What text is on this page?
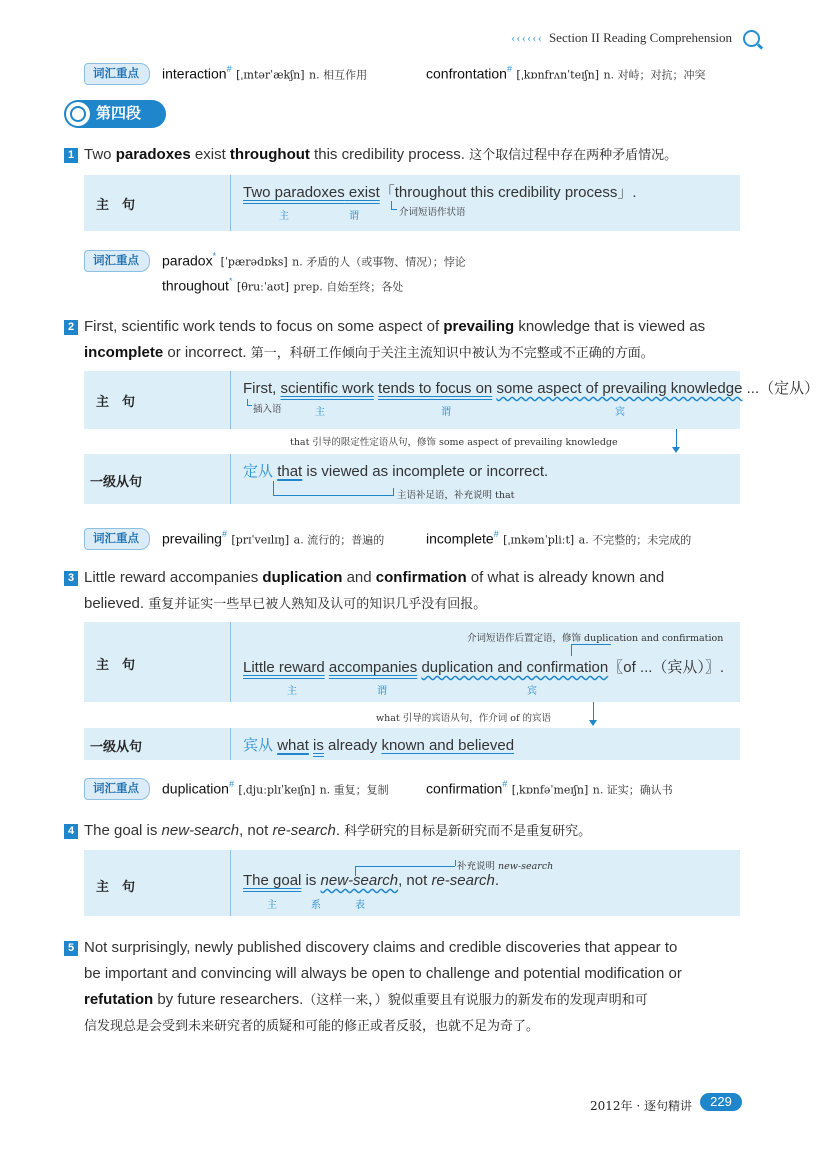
‹‹‹‹‹‹ Section II Reading Comprehension
词汇重点	interaction# [ˌɪntərˈækʃn] n. 相互作用	confrontation# [ˌkɒnfrʌnˈteɪʃn] n. 对峙；对抗；冲突
第四段
1 Two paradoxes exist throughout this credibility process. 这个取信过程中存在两种矛盾情况。
主　句
Two paradoxes exist「throughout this credibility process」.
主	谓	介词短语作状语
词汇重点	paradox* [ˈpærədɒks] n. 矛盾的人（或事物、情况）；悖论
throughout* [θruːˈaʊt] prep. 自始至终；各处
2 First, scientific work tends to focus on some aspect of prevailing knowledge that is viewed as
incomplete or incorrect. 第一，科研工作倾向于关注主流知识中被认为不完整或不正确的方面。
主　句
First, scientific work tends to focus on some aspect of prevailing knowledge ...（定从）
插入语	主	谓	宾
that 引导的限定性定语从句，修饰 some aspect of prevailing knowledge
一级从句
定从 that is viewed as incomplete or incorrect.
主语补足语，补充说明 that
词汇重点	prevailing# [prɪˈveɪlɪŋ] a. 流行的；普遍的	incomplete# [ˌɪnkəmˈpliːt] a. 不完整的；未完成的
3 Little reward accompanies duplication and confirmation of what is already known and
believed. 重复并证实一些早已被人熟知及认可的知识几乎没有回报。
主　句
介词短语作后置定语，修饰 duplication and confirmation
Little reward accompanies duplication and confirmation〖of ...（宾从）〗.
主	谓	宾
what 引导的宾语从句，作介词 of 的宾语
一级从句	宾从 what is already known and believed
词汇重点	duplication# [ˌdjuːplɪˈkeɪʃn] n. 重复；复制	confirmation# [ˌkɒnfəˈmeɪʃn] n. 证实；确认书
4 The goal is new-search, not re-search. 科学研究的目标是新研究而不是重复研究。
主　句
补充说明 new-search
The goal is new-search, not re-search.
主	系	表
5 Not surprisingly, newly published discovery claims and credible discoveries that appear to
be important and convincing will always be open to challenge and potential modification or
refutation by future researchers.（这样一来，）貌似重要且有说服力的新发布的发现声明和可
信发现总是会受到未来研究者的质疑和可能的修正或者反驳，也就不足为奇了。
2012年 · 逐句精讲	229
